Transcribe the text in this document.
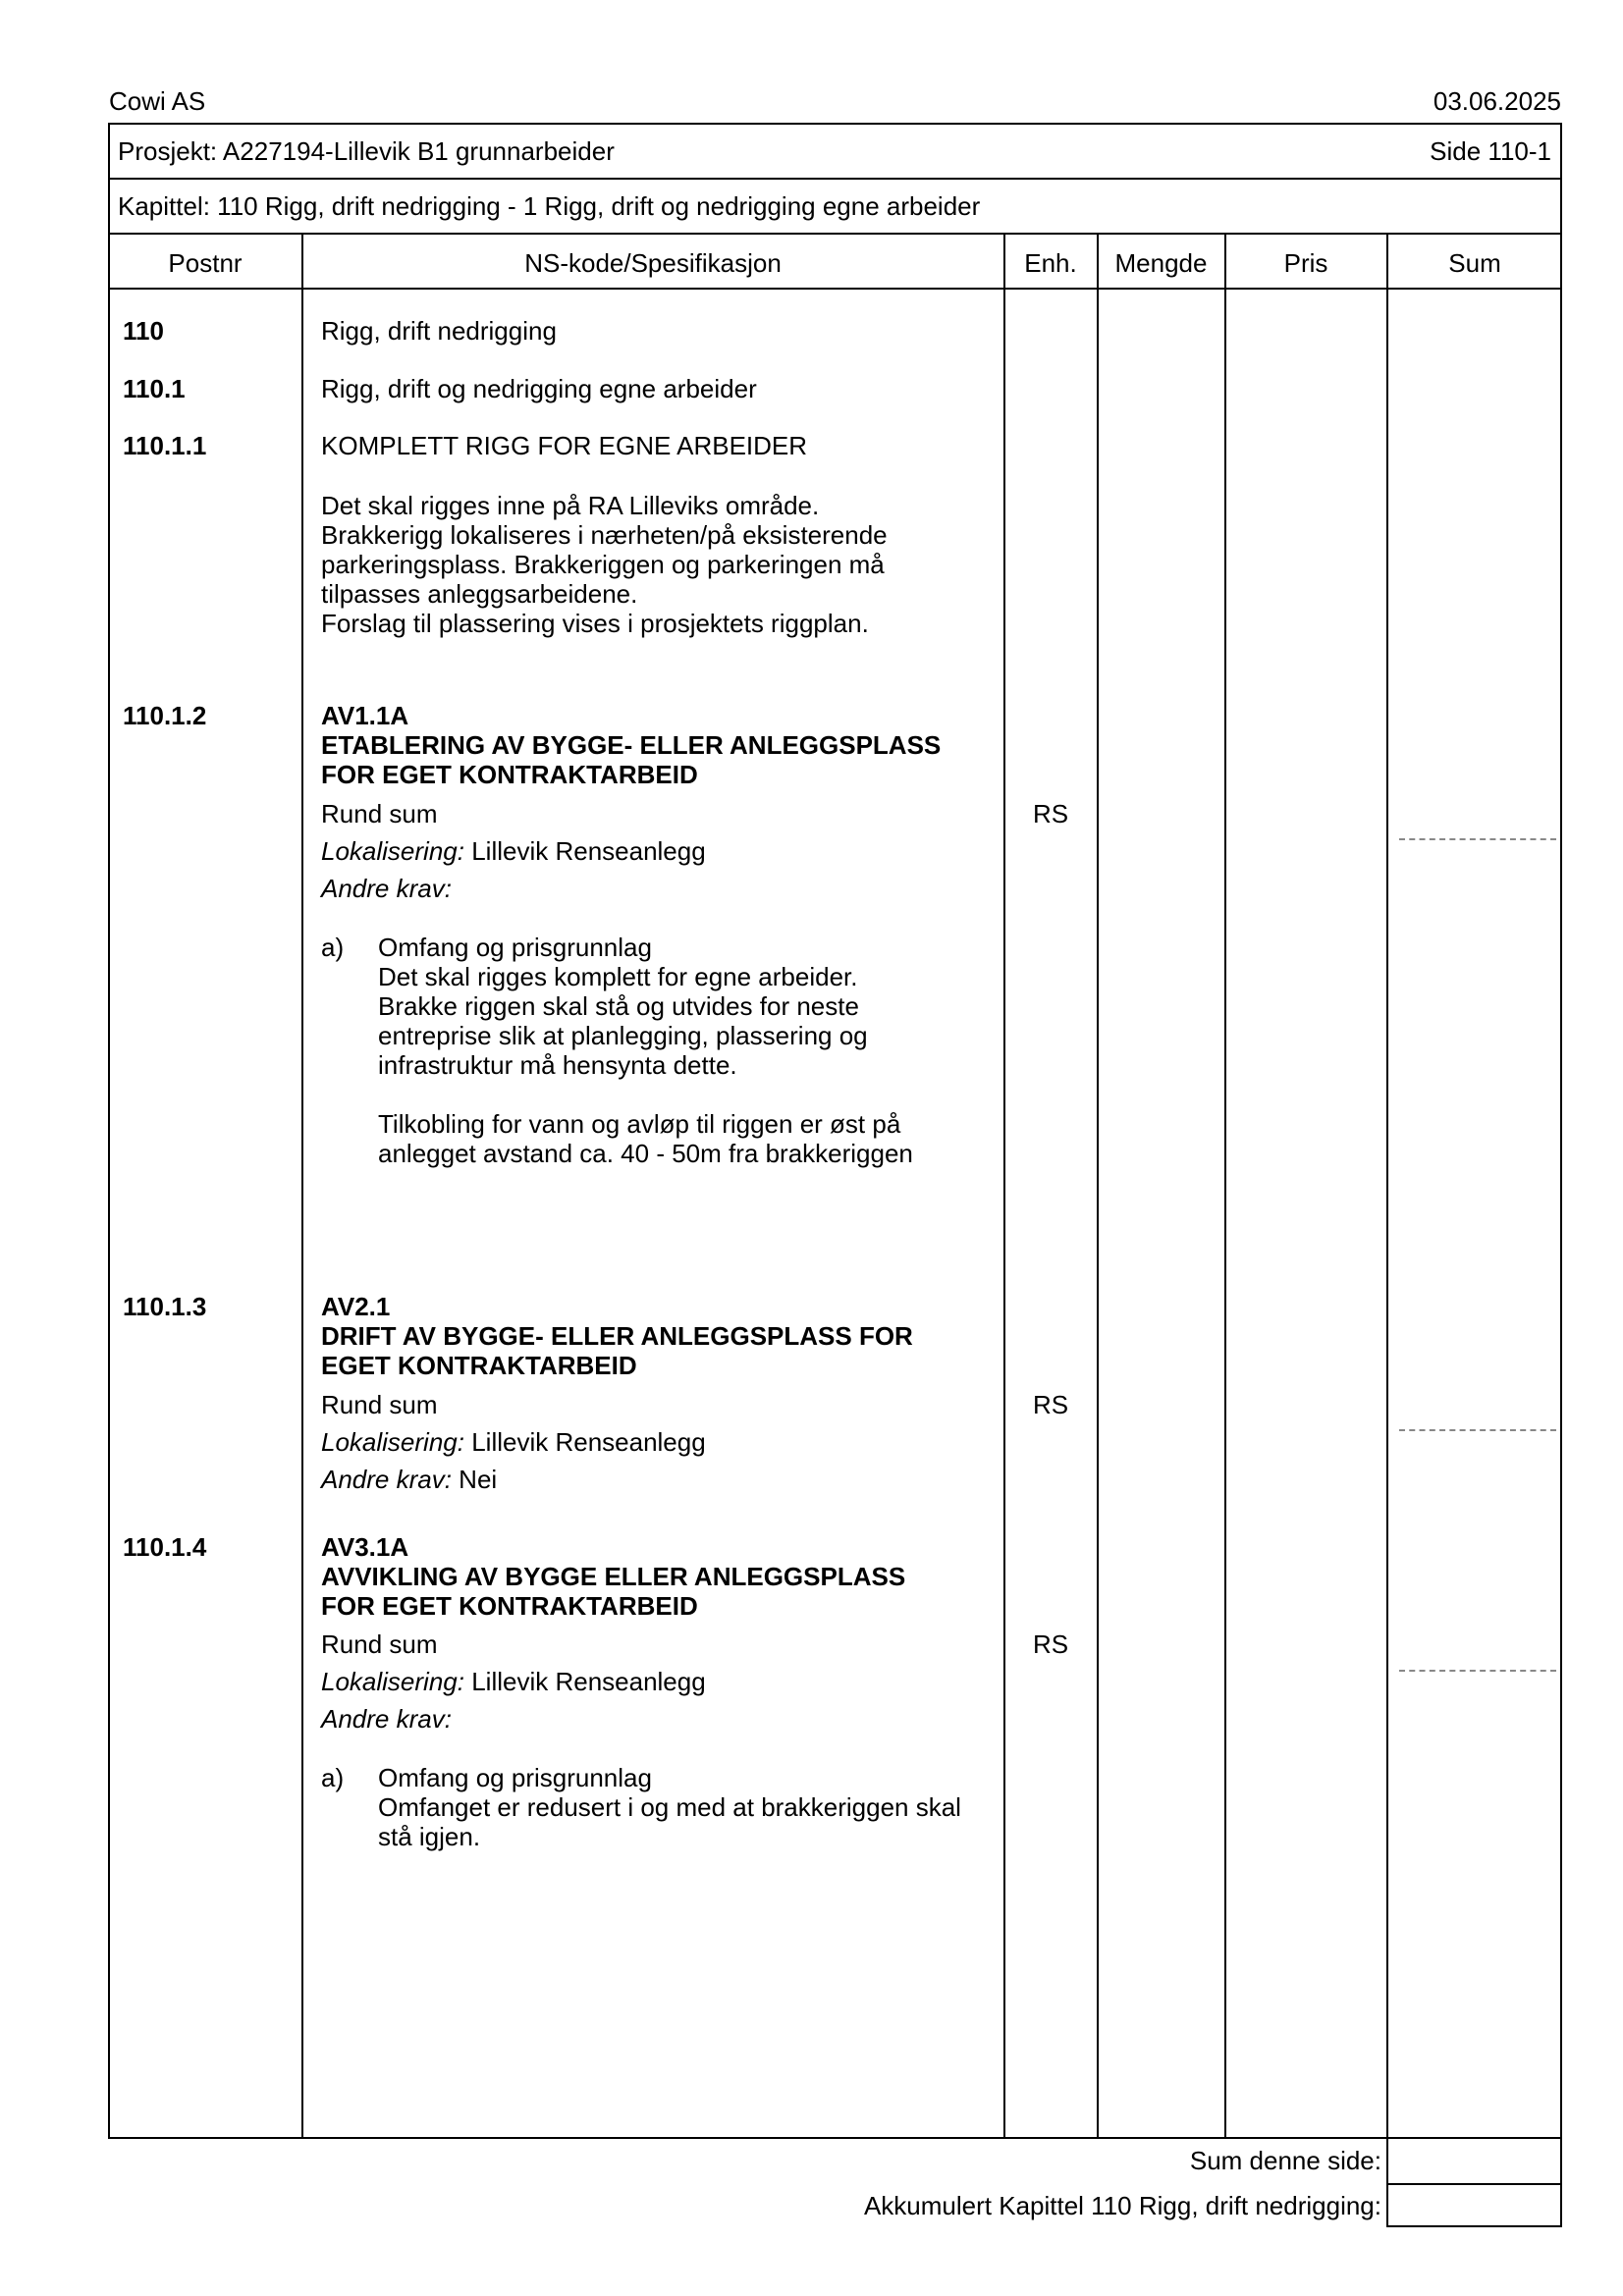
Cowi AS	03.06.2025
Prosjekt: A227194-Lillevik B1 grunnarbeider	Side 110-1
Kapittel: 110 Rigg, drift nedrigging - 1 Rigg, drift og nedrigging egne arbeider
Postnr	NS-kode/Spesifikasjon	Enh.	Mengde	Pris	Sum
110	Rigg, drift nedrigging
110.1	Rigg, drift og nedrigging egne arbeider
110.1.1	KOMPLETT RIGG FOR EGNE ARBEIDER
Det skal rigges inne på RA Lilleviks område.
Brakkerigg lokaliseres i nærheten/på eksisterende
parkeringsplass. Brakkeriggen og parkeringen må
tilpasses anleggsarbeidene.
Forslag til plassering vises i prosjektets riggplan.
110.1.2	AV1.1A
ETABLERING AV BYGGE- ELLER ANLEGGSPLASS
FOR EGET KONTRAKTARBEID
Rund sum	RS
Lokalisering: Lillevik Renseanlegg
Andre krav:
a) Omfang og prisgrunnlag
Det skal rigges komplett for egne arbeider.
Brakke riggen skal stå og utvides for neste
entreprise slik at planlegging, plassering og
infrastruktur må hensynta dette.
Tilkobling for vann og avløp til riggen er øst på
anlegget avstand ca. 40 - 50m fra brakkeriggen
110.1.3	AV2.1
DRIFT AV BYGGE- ELLER ANLEGGSPLASS FOR
EGET KONTRAKTARBEID
Rund sum	RS
Lokalisering: Lillevik Renseanlegg
Andre krav: Nei
110.1.4	AV3.1A
AVVIKLING AV BYGGE ELLER ANLEGGSPLASS
FOR EGET KONTRAKTARBEID
Rund sum	RS
Lokalisering: Lillevik Renseanlegg
Andre krav:
a) Omfang og prisgrunnlag
Omfanget er redusert i og med at brakkeriggen skal
stå igjen.
Sum denne side:
Akkumulert Kapittel 110 Rigg, drift nedrigging:
